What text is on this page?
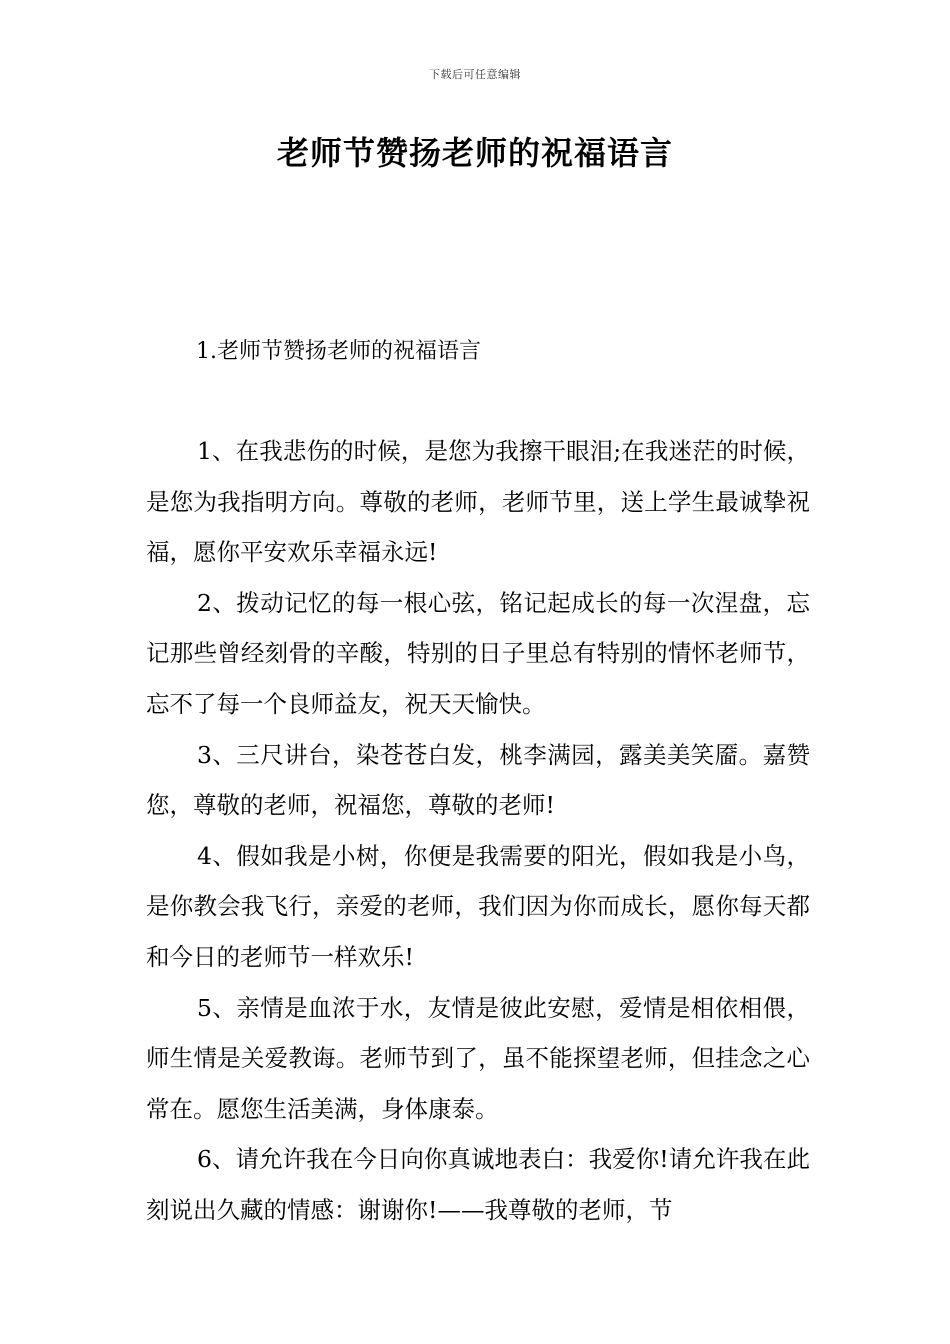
下载后可任意编辑
老师节赞扬老师的祝福语言
1.老师节赞扬老师的祝福语言

1、在我悲伤的时候，是您为我擦干眼泪;在我迷茫的时候，是您为我指明方向。尊敬的老师，老师节里，送上学生最诚挚祝福，愿你平安欢乐幸福永远!

2、拨动记忆的每一根心弦，铭记起成长的每一次涅盘，忘记那些曾经刻骨的辛酸，特别的日子里总有特别的情怀老师节，忘不了每一个良师益友，祝天天愉快。

3、三尺讲台，染苍苍白发，桃李满园，露美美笑靥。嘉赞您，尊敬的老师，祝福您，尊敬的老师!

4、假如我是小树，你便是我需要的阳光，假如我是小鸟，是你教会我飞行，亲爱的老师，我们因为你而成长，愿你每天都和今日的老师节一样欢乐!

5、亲情是血浓于水，友情是彼此安慰，爱情是相依相偎，师生情是关爱教诲。老师节到了，虽不能探望老师，但挂念之心常在。愿您生活美满，身体康泰。

6、请允许我在今日向你真诚地表白：我爱你!请允许我在此刻说出久藏的情感：谢谢你!——我尊敬的老师，节
